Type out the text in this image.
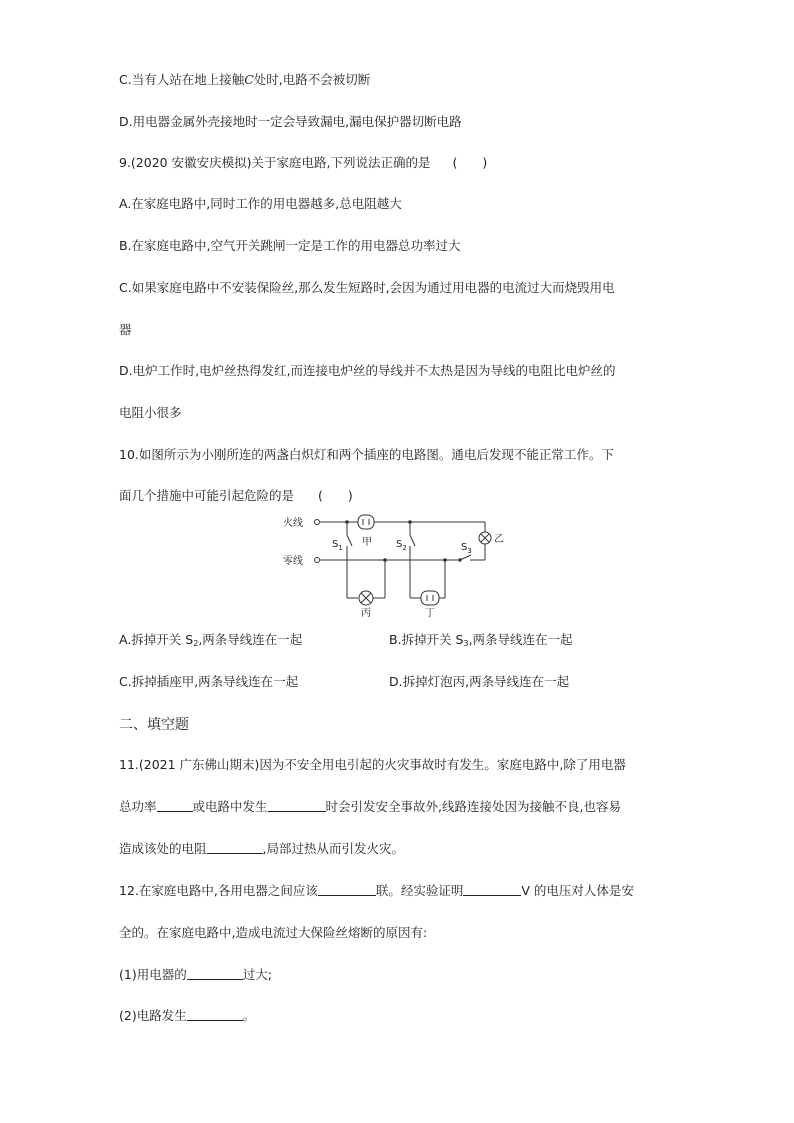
C.当有人站在地上接触C处时,电路不会被切断
D.用电器金属外壳接地时一定会导致漏电,漏电保护器切断电路
9.(2020 安徽安庆模拟)关于家庭电路,下列说法正确的是 (　　)
A.在家庭电路中,同时工作的用电器越多,总电阻越大
B.在家庭电路中,空气开关跳闸一定是工作的用电器总功率过大
C.如果家庭电路中不安装保险丝,那么发生短路时,会因为通过用电器的电流过大而烧毁用电
器
D.电炉工作时,电炉丝热得发红,而连接电炉丝的导线并不太热是因为导线的电阻比电炉丝的
电阻小很多
10.如图所示为小刚所连的两盏白炽灯和两个插座的电路图。通电后发现不能正常工作。下
面几个措施中可能引起危险的是 (　　)
火线
零线
$S_1$ 甲 $S_2$	$S_3$
乙
丙	丁
A.拆掉开关 $S_2$,两条导线连在一起	B.拆掉开关 $S_3$,两条导线连在一起
C.拆掉插座甲,两条导线连在一起	D.拆掉灯泡丙,两条导线连在一起
二、填空题
11.(2021 广东佛山期末)因为不安全用电引起的火灾事故时有发生。家庭电路中,除了用电器
总功率	或电路中发生	时会引发安全事故外,线路连接处因为接触不良,也容易
造成该处的电阻	,局部过热从而引发火灾。
12.在家庭电路中,各用电器之间应该	联。经实验证明	V 的电压对人体是安
全的。在家庭电路中,造成电流过大保险丝熔断的原因有:
(1)用电器的	过大;
(2)电路发生	。
